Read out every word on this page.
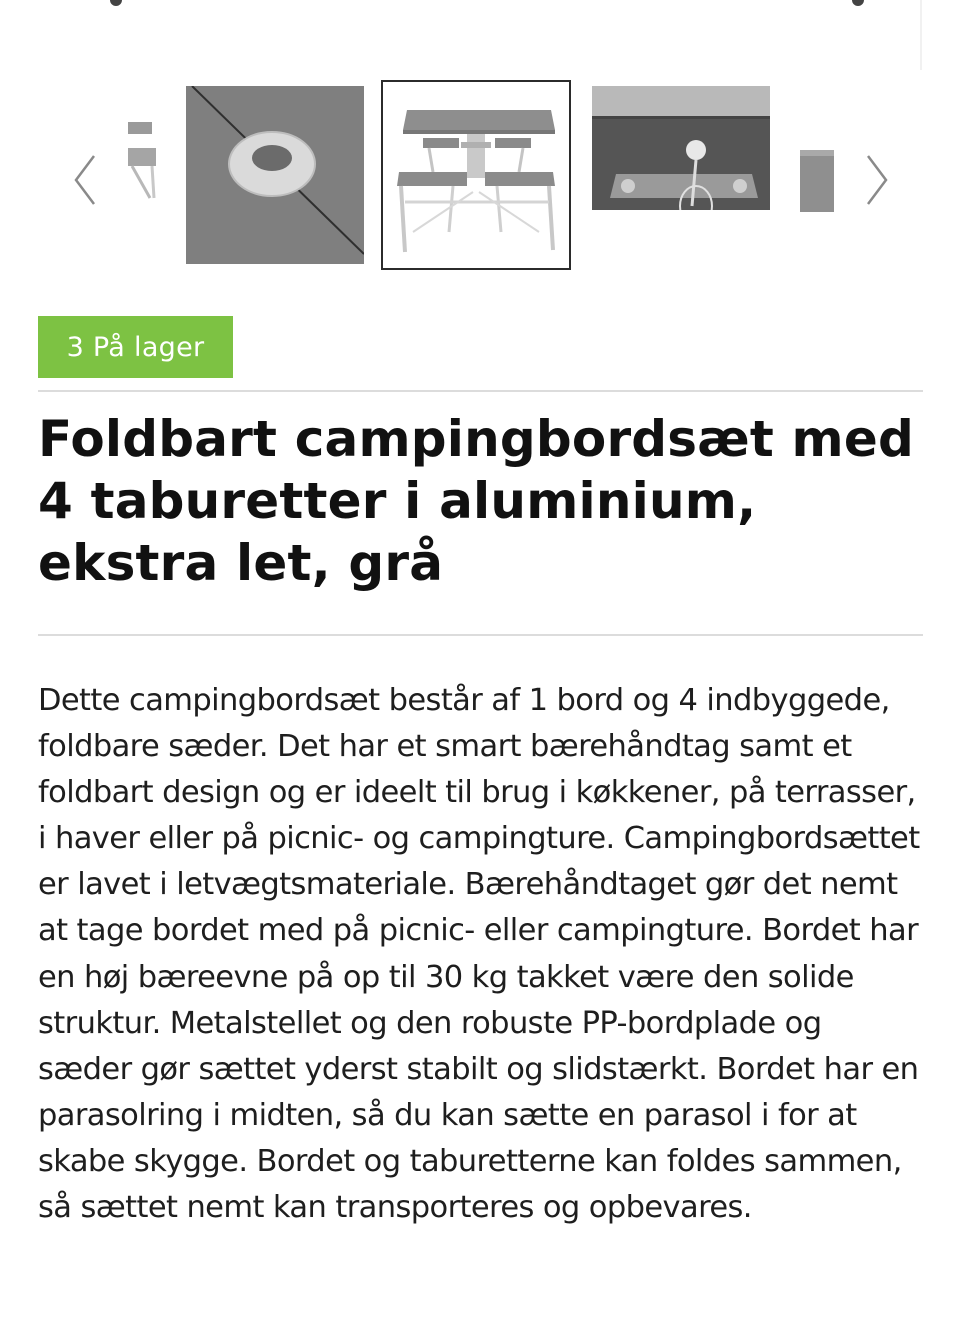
3 På lager
Foldbart campingbordsæt med 4 taburetter i aluminium, ekstra let, grå

Dette campingbordsæt består af 1 bord og 4 indbyggede, foldbare sæder. Det har et smart bærehåndtag samt et foldbart design og er ideelt til brug i køkkener, på terrasser, i haver eller på picnic- og campingture. Campingbordsættet er lavet i letvægtsmateriale. Bærehåndtaget gør det nemt at tage bordet med på picnic- eller campingture. Bordet har en høj bæreevne på op til 30 kg takket være den solide struktur. Metalstellet og den robuste PP-bordplade og sæder gør sættet yderst stabilt og slidstærkt. Bordet har en parasolring i midten, så du kan sætte en parasol i for at skabe skygge. Bordet og taburetterne kan foldes sammen, så sættet nemt kan transporteres og opbevares.
